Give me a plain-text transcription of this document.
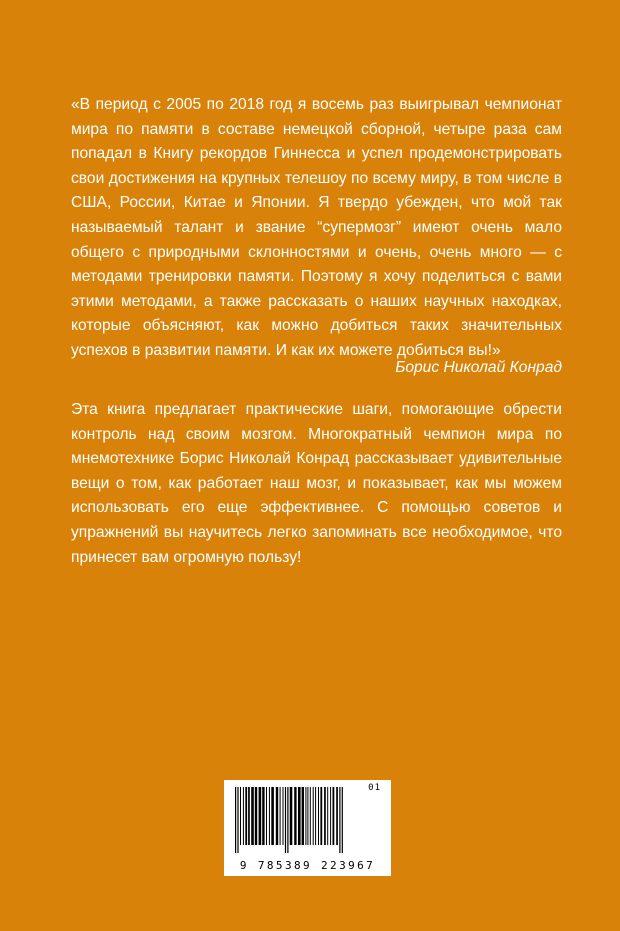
«В период с 2005 по 2018 год я восемь раз выигрывал чемпионат мира по памяти в составе немецкой сборной, четыре раза сам попадал в Книгу рекордов Гиннесса и успел продемонстрировать свои достижения на крупных телешоу по всему миру, в том числе в США, России, Китае и Японии. Я твердо убежден, что мой так называемый талант и звание “супермозг” имеют очень мало общего с природными склонностями и очень, очень много — с методами тренировки памяти. Поэтому я хочу поделиться с вами этими методами, а также рассказать о наших научных находках, которые объясняют, как можно добиться таких значительных успехов в развитии памяти. И как их можете добиться вы!»

Борис Николай Конрад

Эта книга предлагает практические шаги, помогающие обрести контроль над своим мозгом. Многократный чемпион мира по мнемотехнике Борис Николай Конрад рассказывает удивительные вещи о том, как работает наш мозг, и показывает, как мы можем использовать его еще эффективнее. С помощью советов и упражнений вы научитесь легко запоминать все необходимое, что принесет вам огромную пользу!

01
9 785389 223967
